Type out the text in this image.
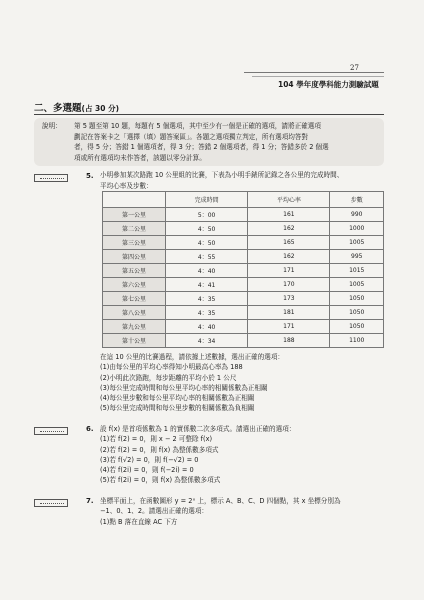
27
104 學年度學科能力測驗試題
二、多選題(占 30 分)
說明： 第 5 題至第 10 題，每題有 5 個選項，其中至少有一個是正確的選項，請將正確選項
劃記在答案卡之「選擇（填）題答案區」。各題之選項獨立判定，所有選項均答對
者，得 5 分；答錯 1 個選項者，得 3 分；答錯 2 個選項者，得 1 分；答錯多於 2 個選
項或所有選項均未作答者，該題以零分計算。
5. 小明參加某次路跑 10 公里組的比賽，下表為小明手錶所記錄之各公里的完成時間、
平均心率及步數：
	完成時間	平均心率	步數
第一公里	5：00	161	990
第二公里	4：50	162	1000
第三公里	4：50	165	1005
第四公里	4：55	162	995
第五公里	4：40	171	1015
第六公里	4：41	170	1005
第七公里	4：35	173	1050
第八公里	4：35	181	1050
第九公里	4：40	171	1050
第十公里	4：34	188	1100
在這 10 公里的比賽過程，請依據上述數據，選出正確的選項：
(1)由每公里的平均心率得知小明最高心率為 188
(2)小明此次路跑，每步距離的平均小於 1 公尺
(3)每公里完成時間和每公里平均心率的相關係數為正相關
(4)每公里步數和每公里平均心率的相關係數為正相關
(5)每公里完成時間和每公里步數的相關係數為負相關
6. 設 f(x) 是首項係數為 1 的實係數二次多項式。請選出正確的選項：
(1)若 f(2) = 0，則 x − 2 可整除 f(x)
(2)若 f(2) = 0，則 f(x) 為整係數多項式
(3)若 f(√2) = 0，則 f(−√2) = 0
(4)若 f(2i) = 0，則 f(−2i) = 0
(5)若 f(2i) = 0，則 f(x) 為整係數多項式
7. 坐標平面上，在函數圖形 y = 2ˣ 上，標示 A、B、C、D 四個點，其 x 坐標分別為
−1、0、1、2。請選出正確的選項：
(1)點 B 落在直線 AC 下方
